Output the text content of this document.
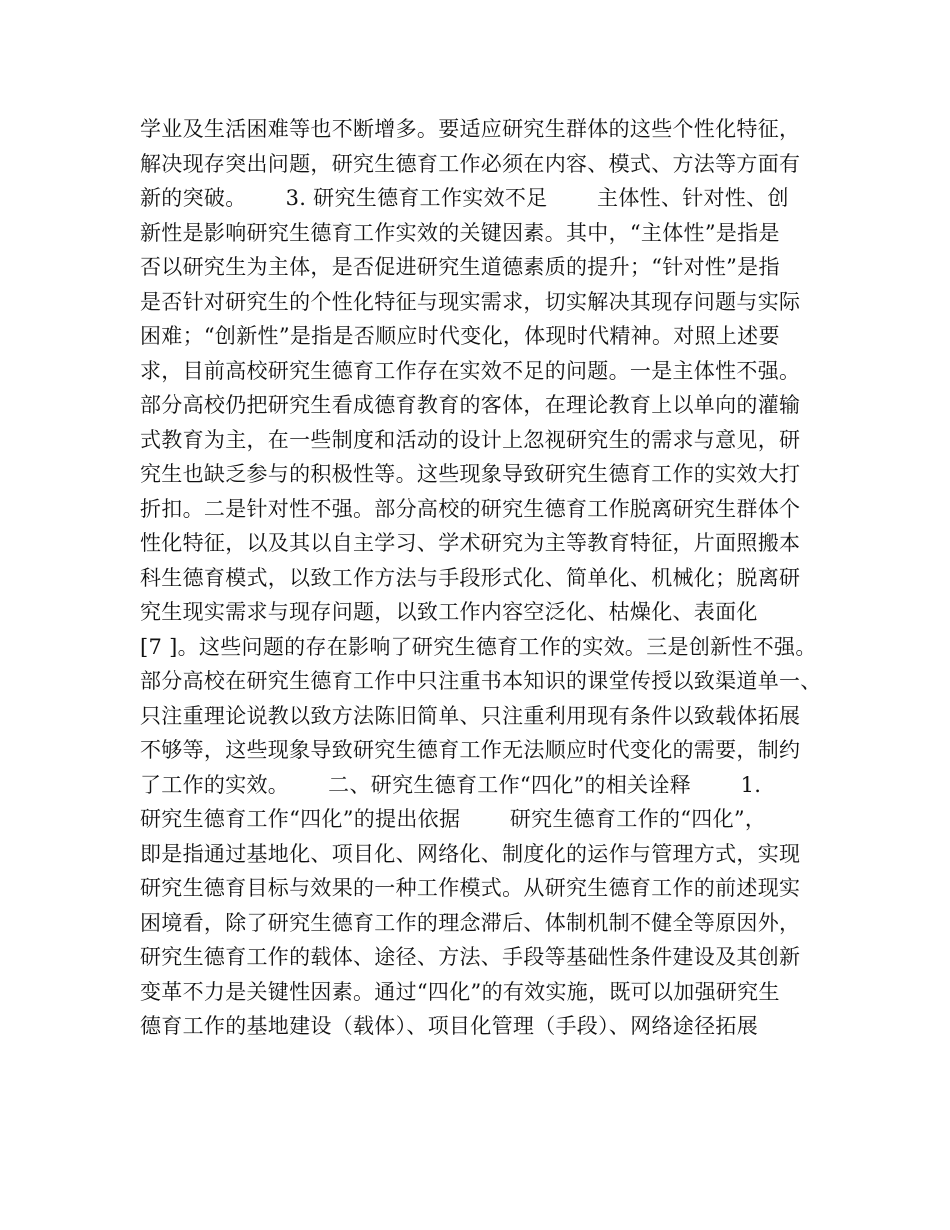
学业及生活困难等也不断增多。要适应研究生群体的这些个性化特征，
解决现存突出问题，研究生德育工作必须在内容、模式、方法等方面有
新的突破。　　 3. 研究生德育工作实效不足　　 主体性、针对性、创
新性是影响研究生德育工作实效的关键因素。其中，“主体性”是指是
否以研究生为主体，是否促进研究生道德素质的提升；“针对性”是指
是否针对研究生的个性化特征与现实需求，切实解决其现存问题与实际
困难；“创新性”是指是否顺应时代变化，体现时代精神。对照上述要
求，目前高校研究生德育工作存在实效不足的问题。一是主体性不强。
部分高校仍把研究生看成德育教育的客体，在理论教育上以单向的灌输
式教育为主，在一些制度和活动的设计上忽视研究生的需求与意见，研
究生也缺乏参与的积极性等。这些现象导致研究生德育工作的实效大打
折扣。二是针对性不强。部分高校的研究生德育工作脱离研究生群体个
性化特征，以及其以自主学习、学术研究为主等教育特征，片面照搬本
科生德育模式，以致工作方法与手段形式化、简单化、机械化；脱离研
究生现实需求与现存问题，以致工作内容空泛化、枯燥化、表面化
[7 ]。这些问题的存在影响了研究生德育工作的实效。三是创新性不强。
部分高校在研究生德育工作中只注重书本知识的课堂传授以致渠道单一、
只注重理论说教以致方法陈旧简单、只注重利用现有条件以致载体拓展
不够等，这些现象导致研究生德育工作无法顺应时代变化的需要，制约
了工作的实效。　　 二、研究生德育工作“四化”的相关诠释　　 1.
研究生德育工作“四化”的提出依据　　 研究生德育工作的“四化”，
即是指通过基地化、项目化、网络化、制度化的运作与管理方式，实现
研究生德育目标与效果的一种工作模式。从研究生德育工作的前述现实
困境看，除了研究生德育工作的理念滞后、体制机制不健全等原因外，
研究生德育工作的载体、途径、方法、手段等基础性条件建设及其创新
变革不力是关键性因素。通过“四化”的有效实施，既可以加强研究生
德育工作的基地建设（载体）、项目化管理（手段）、网络途径拓展
